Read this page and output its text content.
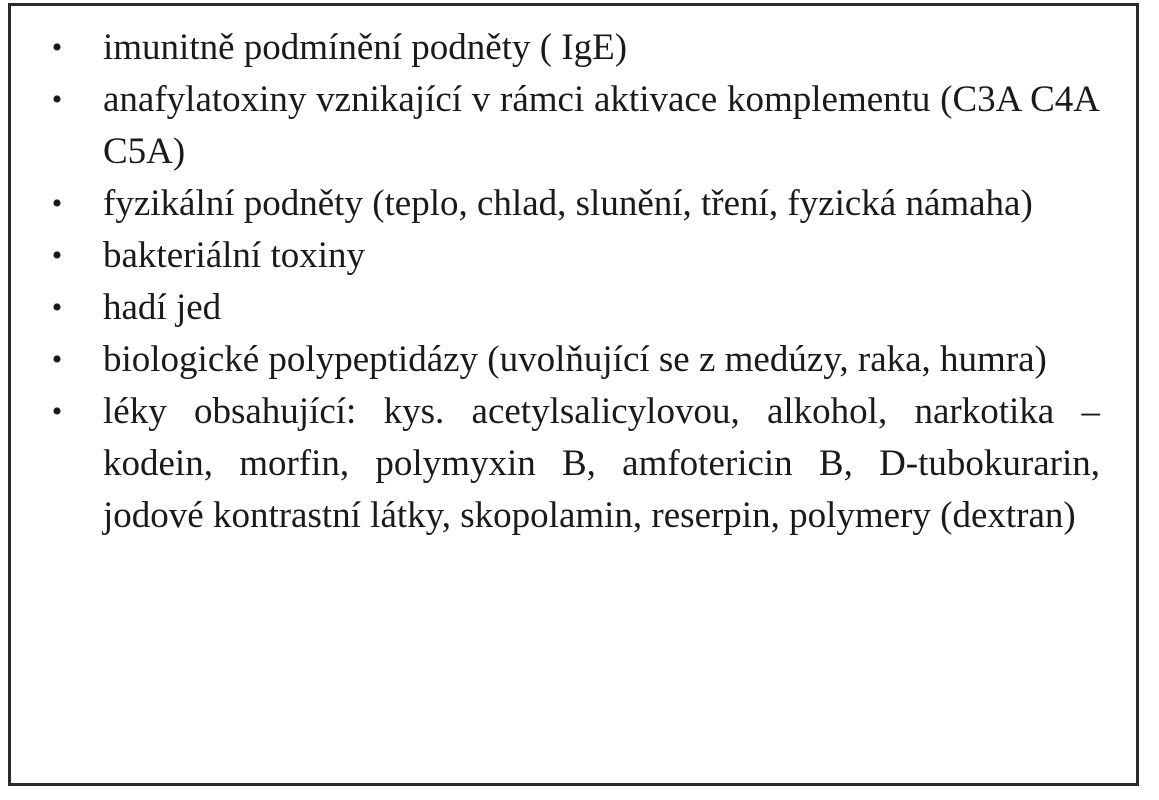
• imunitně podmínění podněty ( IgE)
• anafylatoxiny vznikající v rámci aktivace komplementu (C3A C4A C5A)
• fyzikální podněty (teplo, chlad, slunění, tření, fyzická námaha)
• bakteriální toxiny
• hadí jed
• biologické polypeptidázy (uvolňující se z medúzy, raka, humra)
• léky obsahující: kys. acetylsalicylovou, alkohol, narkotika – kodein, morfin, polymyxin B, amfotericin B, D-tubokurarin, jodové kontrastní látky, skopolamin, reserpin, polymery (dextran)
